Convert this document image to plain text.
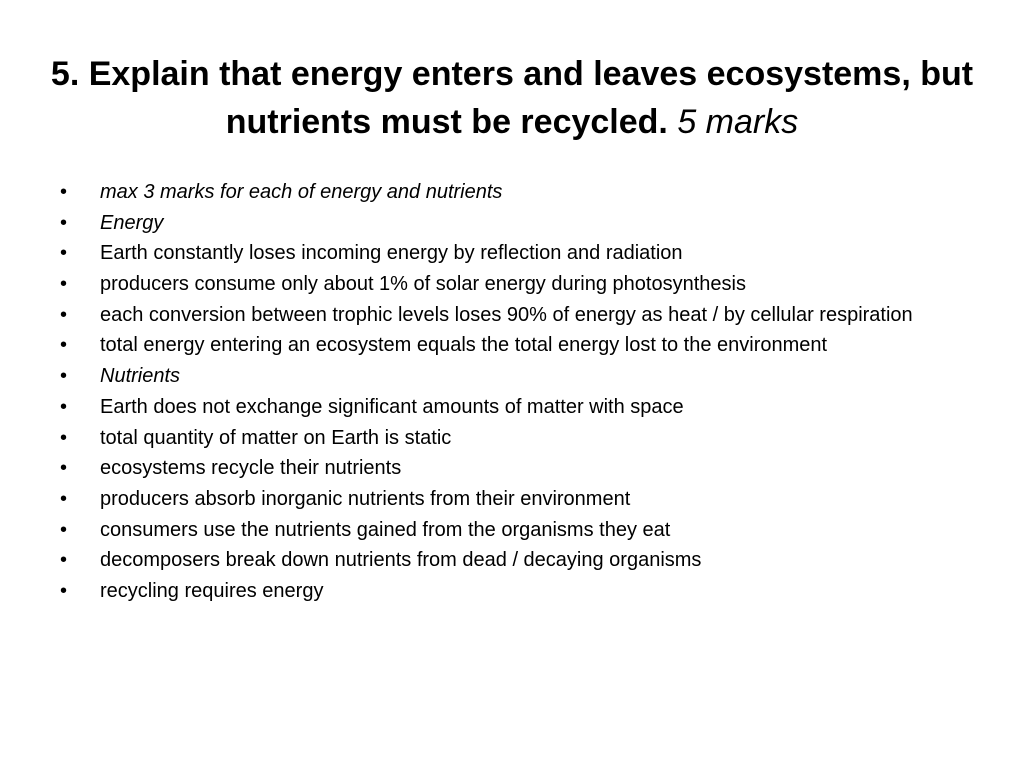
5. Explain that energy enters and leaves ecosystems, but nutrients must be recycled. 5 marks
•	max 3 marks for each of energy and nutrients
•	Energy
•	Earth constantly loses incoming energy by reflection and radiation
•	producers consume only about 1% of solar energy during photosynthesis
•	each conversion between trophic levels loses 90% of energy as heat / by cellular respiration
•	total energy entering an ecosystem equals the total energy lost to the environment
•	Nutrients
•	Earth does not exchange significant amounts of matter with space
•	total quantity of matter on Earth is static
•	ecosystems recycle their nutrients
•	producers absorb inorganic nutrients from their environment
•	consumers use the nutrients gained from the organisms they eat
•	decomposers break down nutrients from dead / decaying organisms
•	recycling requires energy
